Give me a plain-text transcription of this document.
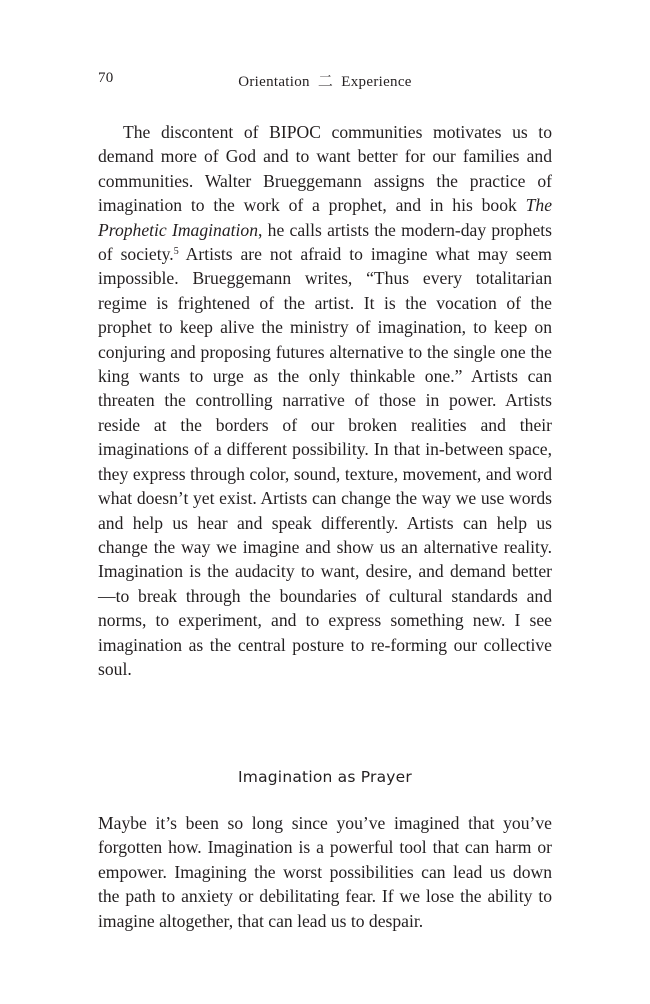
70	Orientation 二 Experience

The discontent of BIPOC communities motivates us to demand more of God and to want better for our families and communities. Walter Brueggemann assigns the practice of imagination to the work of a prophet, and in his book The Prophetic Imagination, he calls artists the modern-day prophets of society.$^5$ Artists are not afraid to imagine what may seem impossible. Brueggemann writes, “Thus every totalitarian regime is frightened of the artist. It is the vocation of the prophet to keep alive the ministry of imagination, to keep on conjuring and proposing futures alternative to the single one the king wants to urge as the only thinkable one.” Artists can threaten the controlling narrative of those in power. Artists reside at the borders of our broken realities and their imaginations of a different possibility. In that in-between space, they express through color, sound, texture, movement, and word what doesn’t yet exist. Artists can change the way we use words and help us hear and speak differently. Artists can help us change the way we imagine and show us an alternative reality. Imagination is the audacity to want, desire, and demand better—to break through the boundaries of cultural standards and norms, to experiment, and to express something new. I see imagination as the central posture to re-forming our collective soul.

Imagination as Prayer

Maybe it’s been so long since you’ve imagined that you’ve forgotten how. Imagination is a powerful tool that can harm or empower. Imagining the worst possibilities can lead us down the path to anxiety or debilitating fear. If we lose the ability to imagine altogether, that can lead us to despair.
